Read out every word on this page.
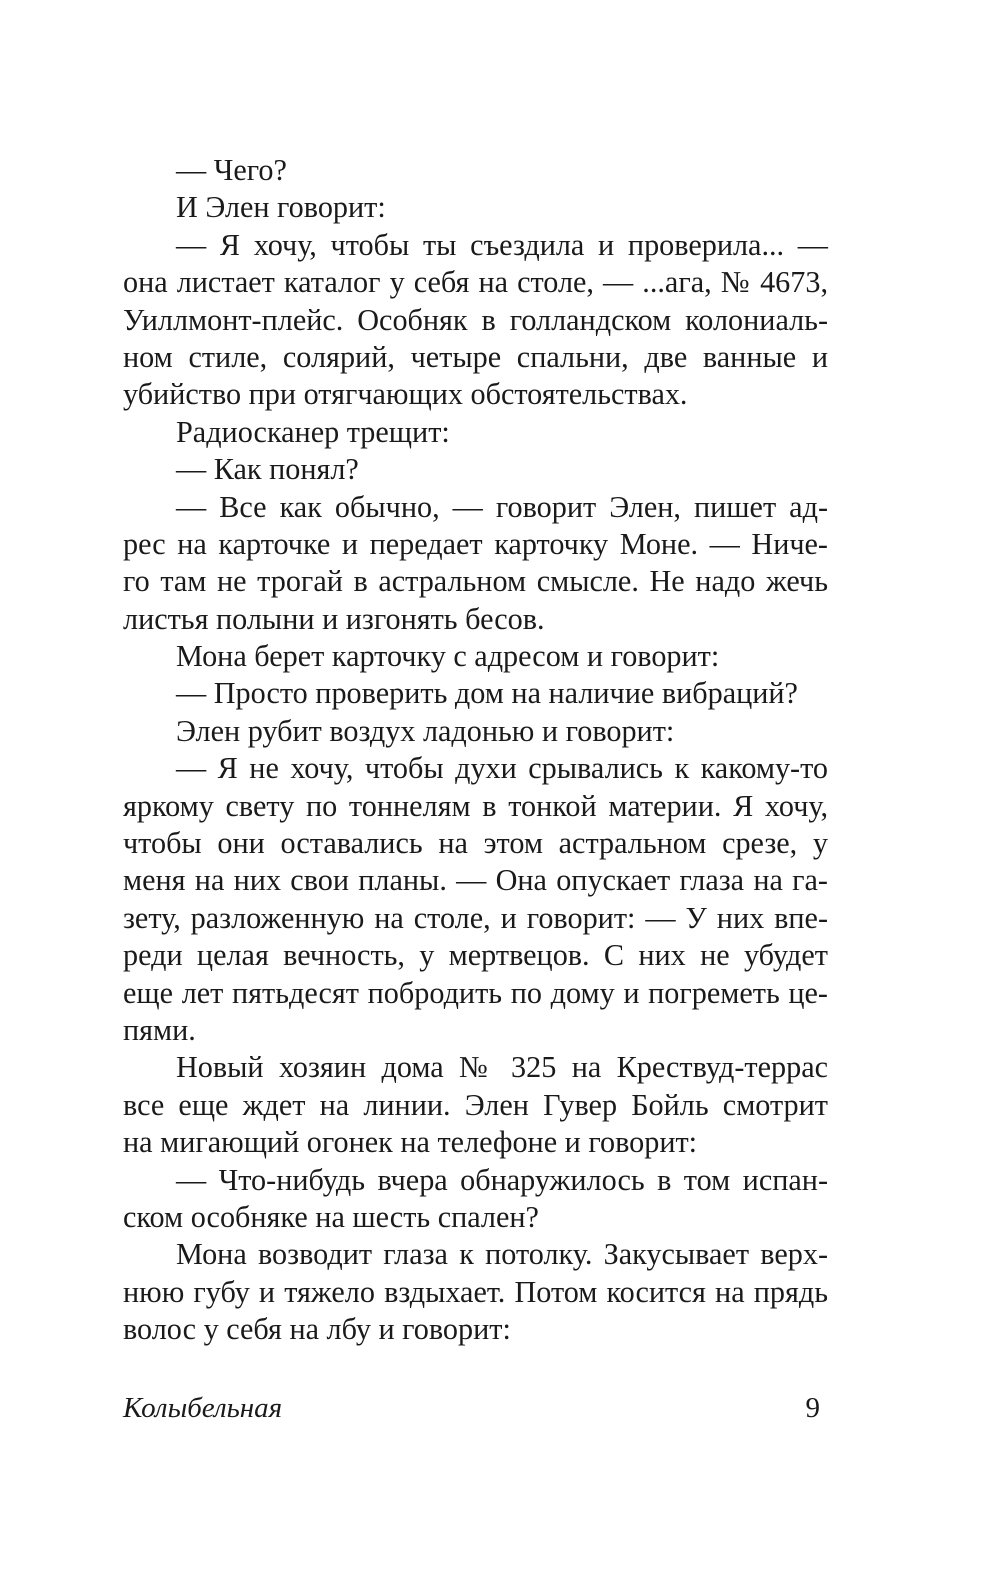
— Чего?
И Элен говорит:
— Я хочу, чтобы ты съездила и проверила... —
она листает каталог у себя на столе, — ...ага, № 4673,
Уиллмонт-плейс. Особняк в голландском колониаль-
ном стиле, солярий, четыре спальни, две ванные и
убийство при отягчающих обстоятельствах.
Радиосканер трещит:
— Как понял?
— Все как обычно, — говорит Элен, пишет ад-
рес на карточке и передает карточку Моне. — Ниче-
го там не трогай в астральном смысле. Не надо жечь
листья полыни и изгонять бесов.
Мона берет карточку с адресом и говорит:
— Просто проверить дом на наличие вибраций?
Элен рубит воздух ладонью и говорит:
— Я не хочу, чтобы духи срывались к какому-то
яркому свету по тоннелям в тонкой материи. Я хочу,
чтобы они оставались на этом астральном срезе, у
меня на них свои планы. — Она опускает глаза на га-
зету, разложенную на столе, и говорит: — У них впе-
реди целая вечность, у мертвецов. С них не убудет
еще лет пятьдесят побродить по дому и погреметь це-
пями.
Новый хозяин дома № 325 на Крествуд-террас
все еще ждет на линии. Элен Гувер Бойль смотрит
на мигающий огонек на телефоне и говорит:
— Что-нибудь вчера обнаружилось в том испан-
ском особняке на шесть спален?
Мона возводит глаза к потолку. Закусывает верх-
нюю губу и тяжело вздыхает. Потом косится на прядь
волос у себя на лбу и говорит:
Колыбельная	9
